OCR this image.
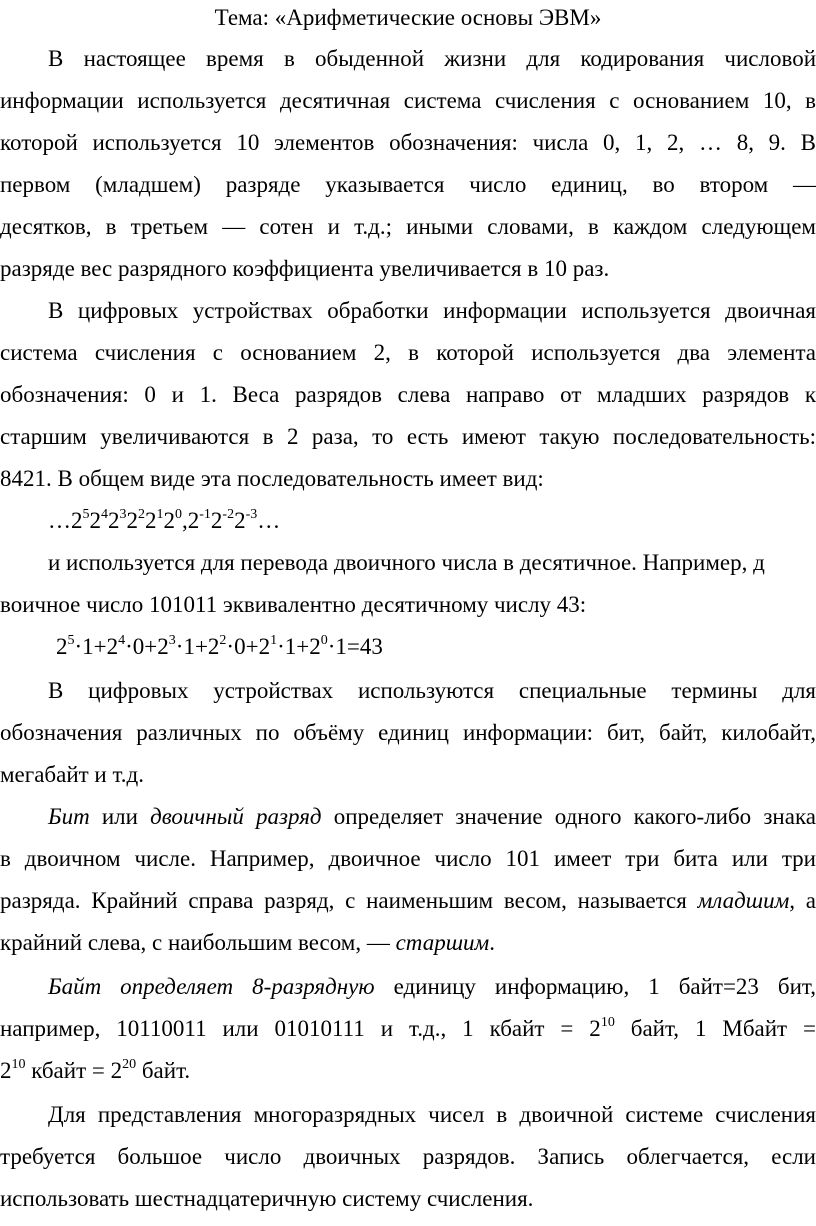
Тема: «Арифметические основы ЭВМ»
В настоящее время в обыденной жизни для кодирования числовой
информации используется десятичная система счисления с основанием 10, в
которой используется 10 элементов обозначения: числа 0, 1, 2, … 8, 9. В
первом (младшем) разряде указывается число единиц, во втором —
десятков, в третьем — сотен и т.д.; иными словами, в каждом следующем
разряде вес разрядного коэффициента увеличивается в 10 раз.
В цифровых устройствах обработки информации используется двоичная
система счисления с основанием 2, в которой используется два элемента
обозначения: 0 и 1. Веса разрядов слева направо от младших разрядов к
старшим увеличиваются в 2 раза, то есть имеют такую последовательность:
8421. В общем виде эта последовательность имеет вид:
$\dots 2^52^42^32^22^12^0,2^{-1}2^{-2}2^{-3}\dots$
и используется для перевода двоичного числа в десятичное. Например, д
воичное число 101011 эквивалентно десятичному числу 43:
$2^5\cdot 1+2^4\cdot 0+2^3\cdot 1+2^2\cdot 0+2^1\cdot 1+2^0\cdot 1=43$
В цифровых устройствах используются специальные термины для
обозначения различных по объёму единиц информации: бит, байт, килобайт,
мегабайт и т.д.
Бит или двоичный разряд определяет значение одного какого-либо знака
в двоичном числе. Например, двоичное число 101 имеет три бита или три
разряда. Крайний справа разряд, с наименьшим весом, называется младшим, а
крайний слева, с наибольшим весом, — старшим.
Байт определяет 8-разрядную единицу информацию, 1 байт=23 бит,
например, 10110011 или 01010111 и т.д., 1 кбайт = $2^{10}$ байт, 1 Мбайт =
$2^{10}$ кбайт = $2^{20}$ байт.
Для представления многоразрядных чисел в двоичной системе счисления
требуется большое число двоичных разрядов. Запись облегчается, если
использовать шестнадцатеричную систему счисления.
